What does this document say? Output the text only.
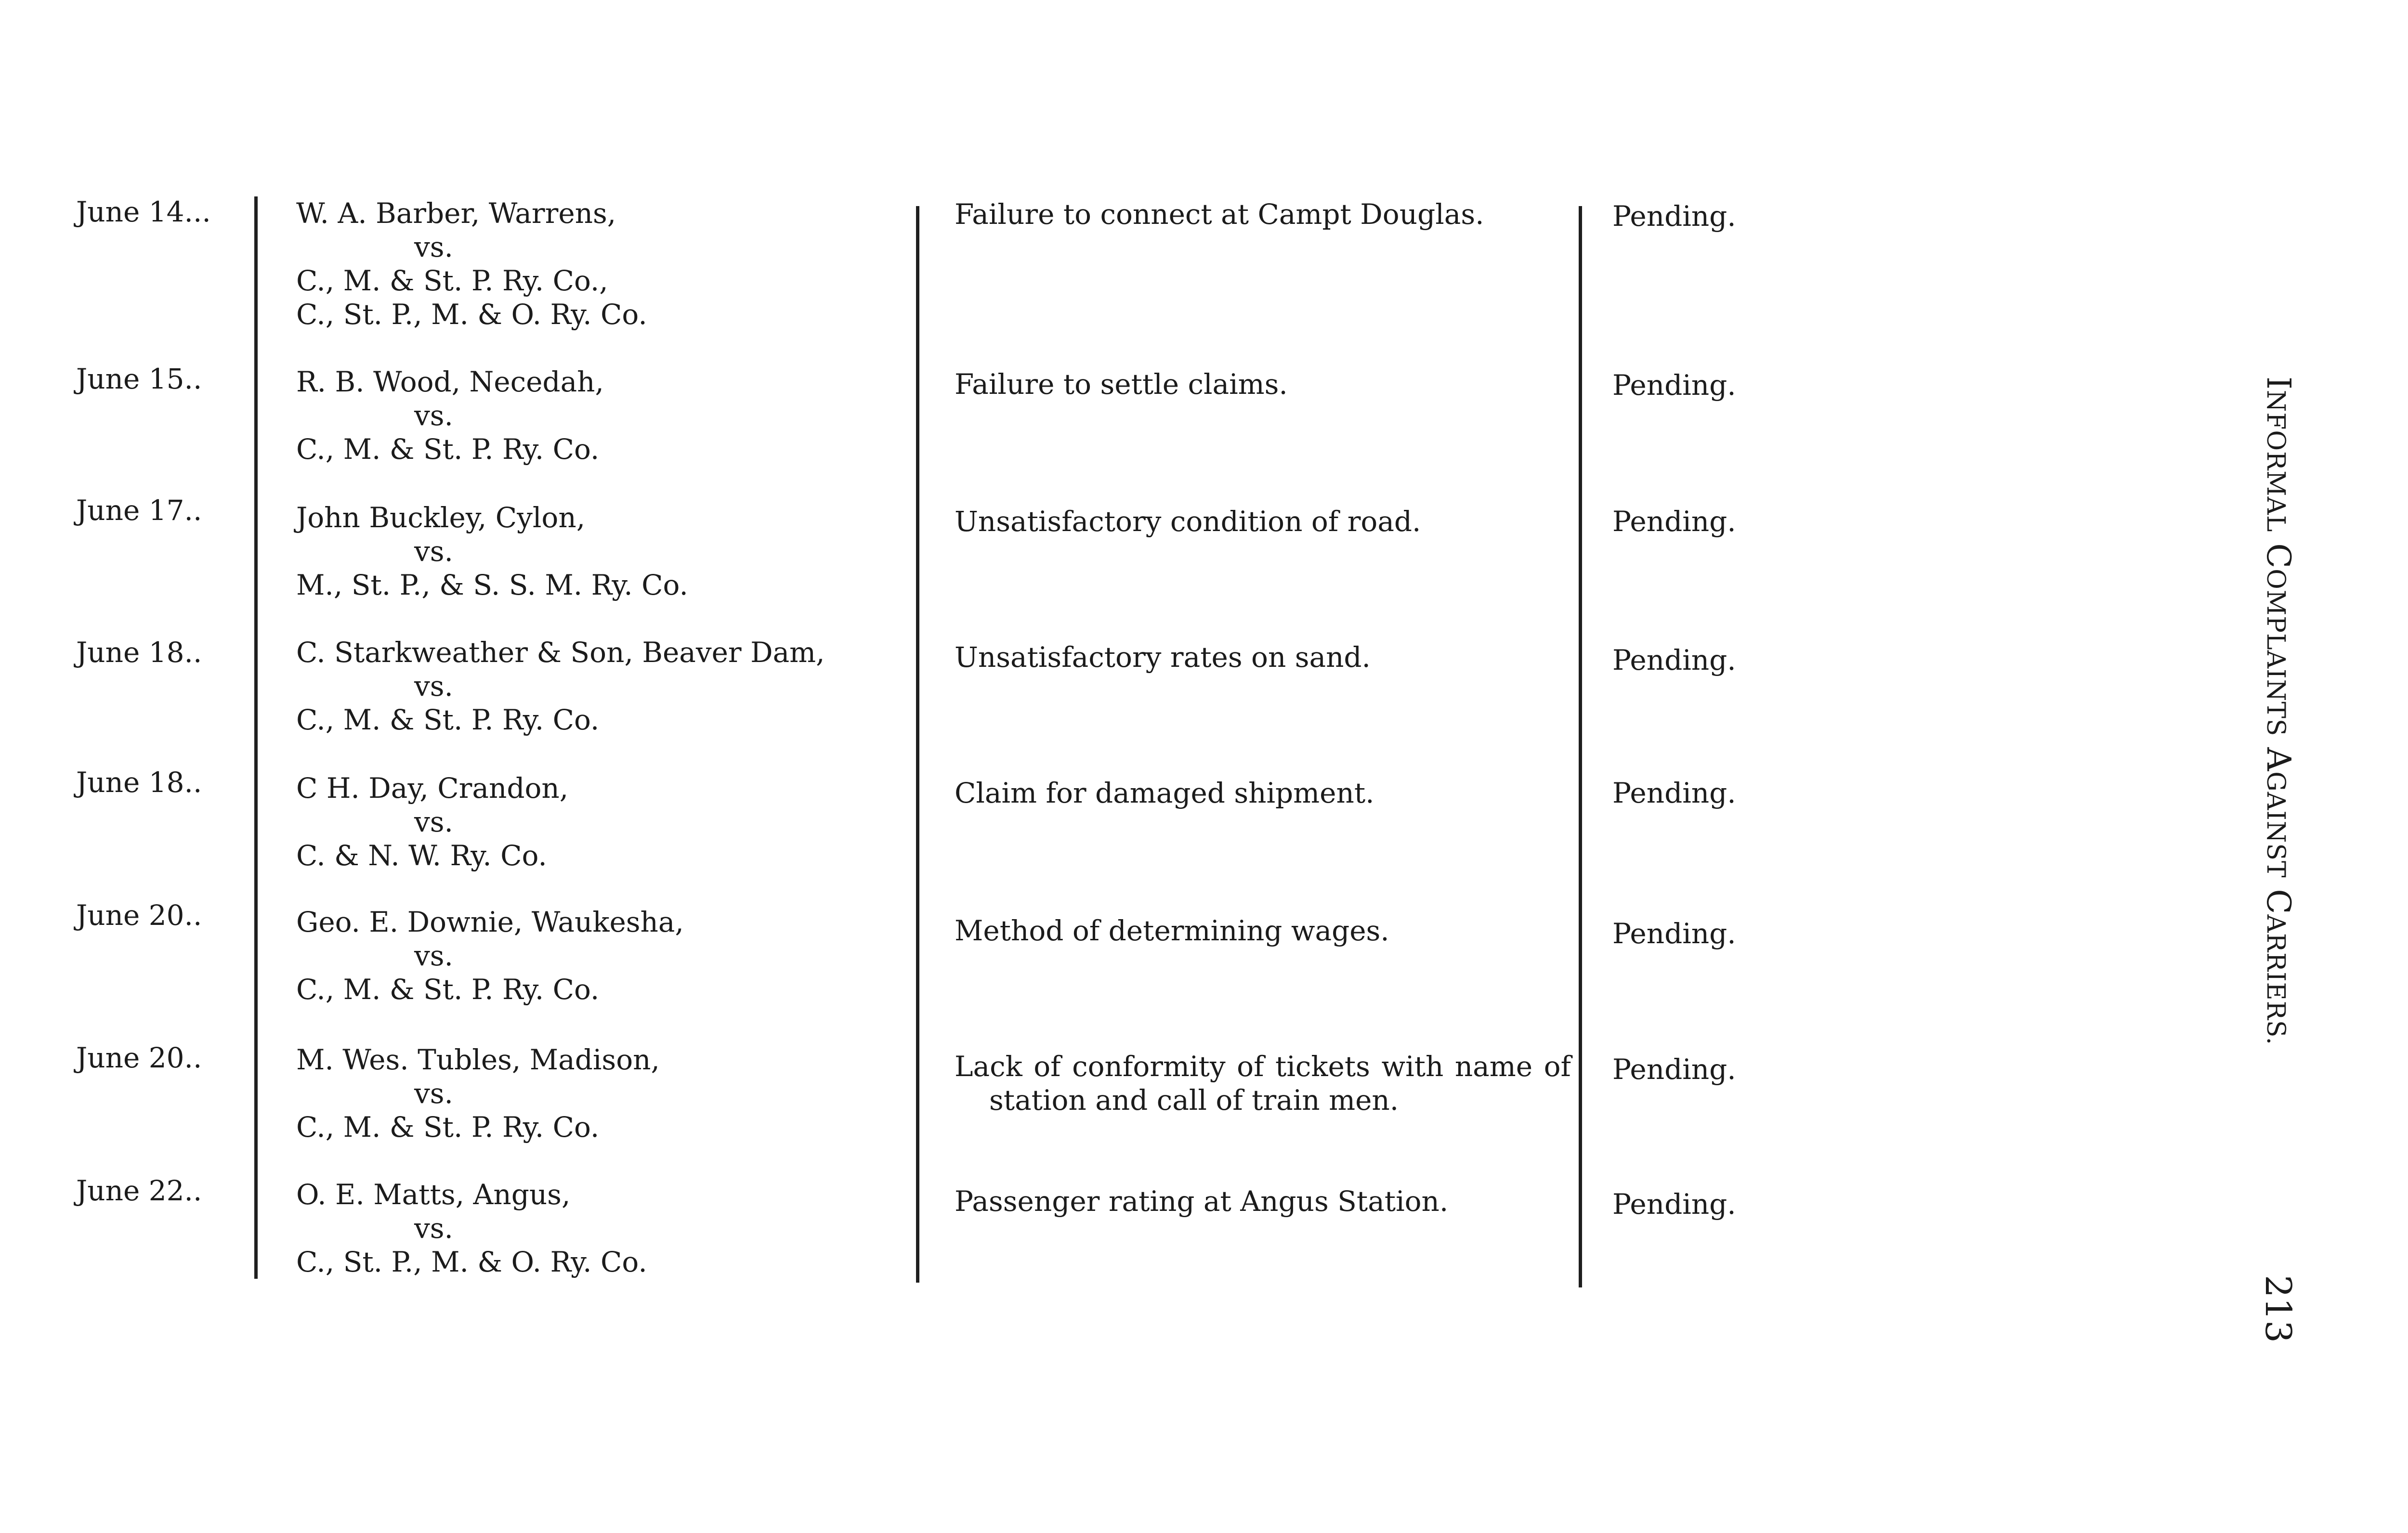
June 14...	W. A. Barber, Warrens,
vs.
C., M. & St. P. Ry. Co.,
C., St. P., M. & O. Ry. Co.
Failure to connect at Campt Douglas.	Pending.
June 15..	R. B. Wood, Necedah,
vs.
C., M. & St. P. Ry. Co.
Failure to settle claims.	Pending.
June 17..	John Buckley, Cylon,
vs.
M., St. P., & S. S. M. Ry. Co.
Unsatisfactory condition of road.	Pending.
June 18..	C. Starkweather & Son, Beaver Dam,
vs.
C., M. & St. P. Ry. Co.
Unsatisfactory rates on sand.	Pending.
June 18..	C H. Day, Crandon,
vs.
C. & N. W. Ry. Co.
Claim for damaged shipment.	Pending.
June 20..	Geo. E. Downie, Waukesha,
vs.
C., M. & St. P. Ry. Co.
Method of determining wages.	Pending.
June 20..	M. Wes. Tubles, Madison,
vs.
C., M. & St. P. Ry. Co.
Lack of conformity of tickets with name of station and call of train men.
Pending.
June 22..	O. E. Matts, Angus,
vs.
C., St. P., M. & O. Ry. Co.
Passenger rating at Angus Station.	Pending.
INFORMAL COMPLAINTS AGAINST CARRIERS.
213
